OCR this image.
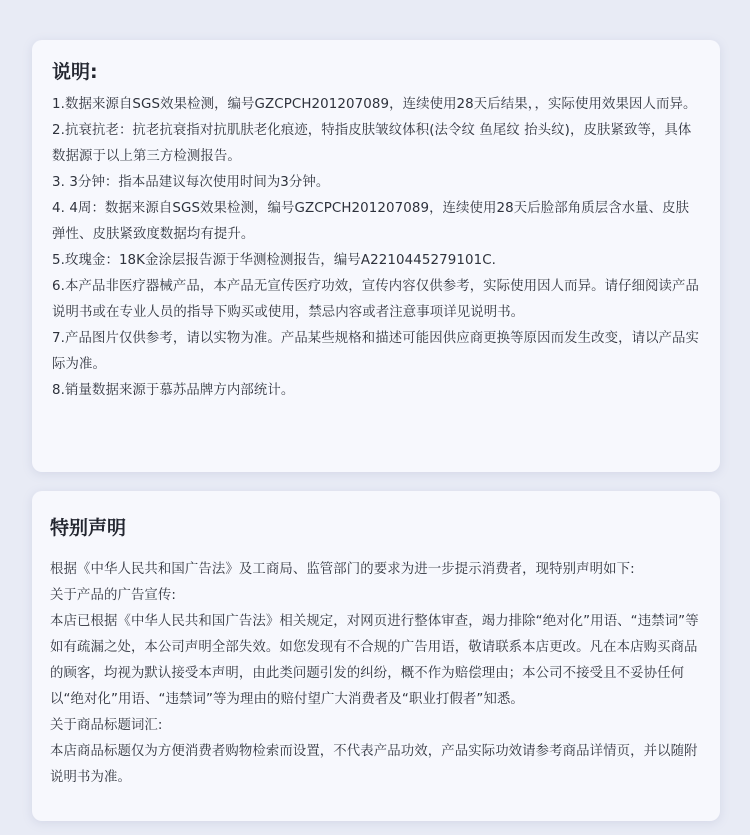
说明:
1.数据来源自SGS效果检测，编号GZCPCH201207089，连续使用28天后结果，，实际使用效果因人而异。
2.抗衰抗老：抗老抗衰指对抗肌肤老化痕迹，特指皮肤皱纹体积(法令纹 鱼尾纹 抬头纹)，皮肤紧致等，具体数据源于以上第三方检测报告。
3. 3分钟：指本品建议每次使用时间为3分钟。
4. 4周：数据来源自SGS效果检测，编号GZCPCH201207089，连续使用28天后脸部角质层含水量、皮肤弹性、皮肤紧致度数据均有提升。
5.玫瑰金：18K金涂层报告源于华测检测报告，编号A2210445279101C.
6.本产品非医疗器械产品，本产品无宣传医疗功效，宣传内容仅供参考，实际使用因人而异。请仔细阅读产品说明书或在专业人员的指导下购买或使用，禁忌内容或者注意事项详见说明书。
7.产品图片仅供参考，请以实物为准。产品某些规格和描述可能因供应商更换等原因而发生改变，请以产品实际为准。
8.销量数据来源于慕苏品牌方内部统计。
特别声明
根据《中华人民共和国广告法》及工商局、监管部门的要求为进一步提示消费者，现特别声明如下:
关于产品的广告宣传:
本店已根据《中华人民共和国广告法》相关规定，对网页进行整体审查，竭力排除“绝对化”用语、“违禁词”等如有疏漏之处，本公司声明全部失效。如您发现有不合规的广告用语，敬请联系本店更改。凡在本店购买商品的顾客，均视为默认接受本声明，由此类问题引发的纠纷，概不作为赔偿理由；本公司不接受且不妥协任何以“绝对化”用语、“违禁词”等为理由的赔付望广大消费者及“职业打假者”知悉。
关于商品标题词汇:
本店商品标题仅为方便消费者购物检索而设置，不代表产品功效，产品实际功效请参考商品详情页，并以随附说明书为准。
